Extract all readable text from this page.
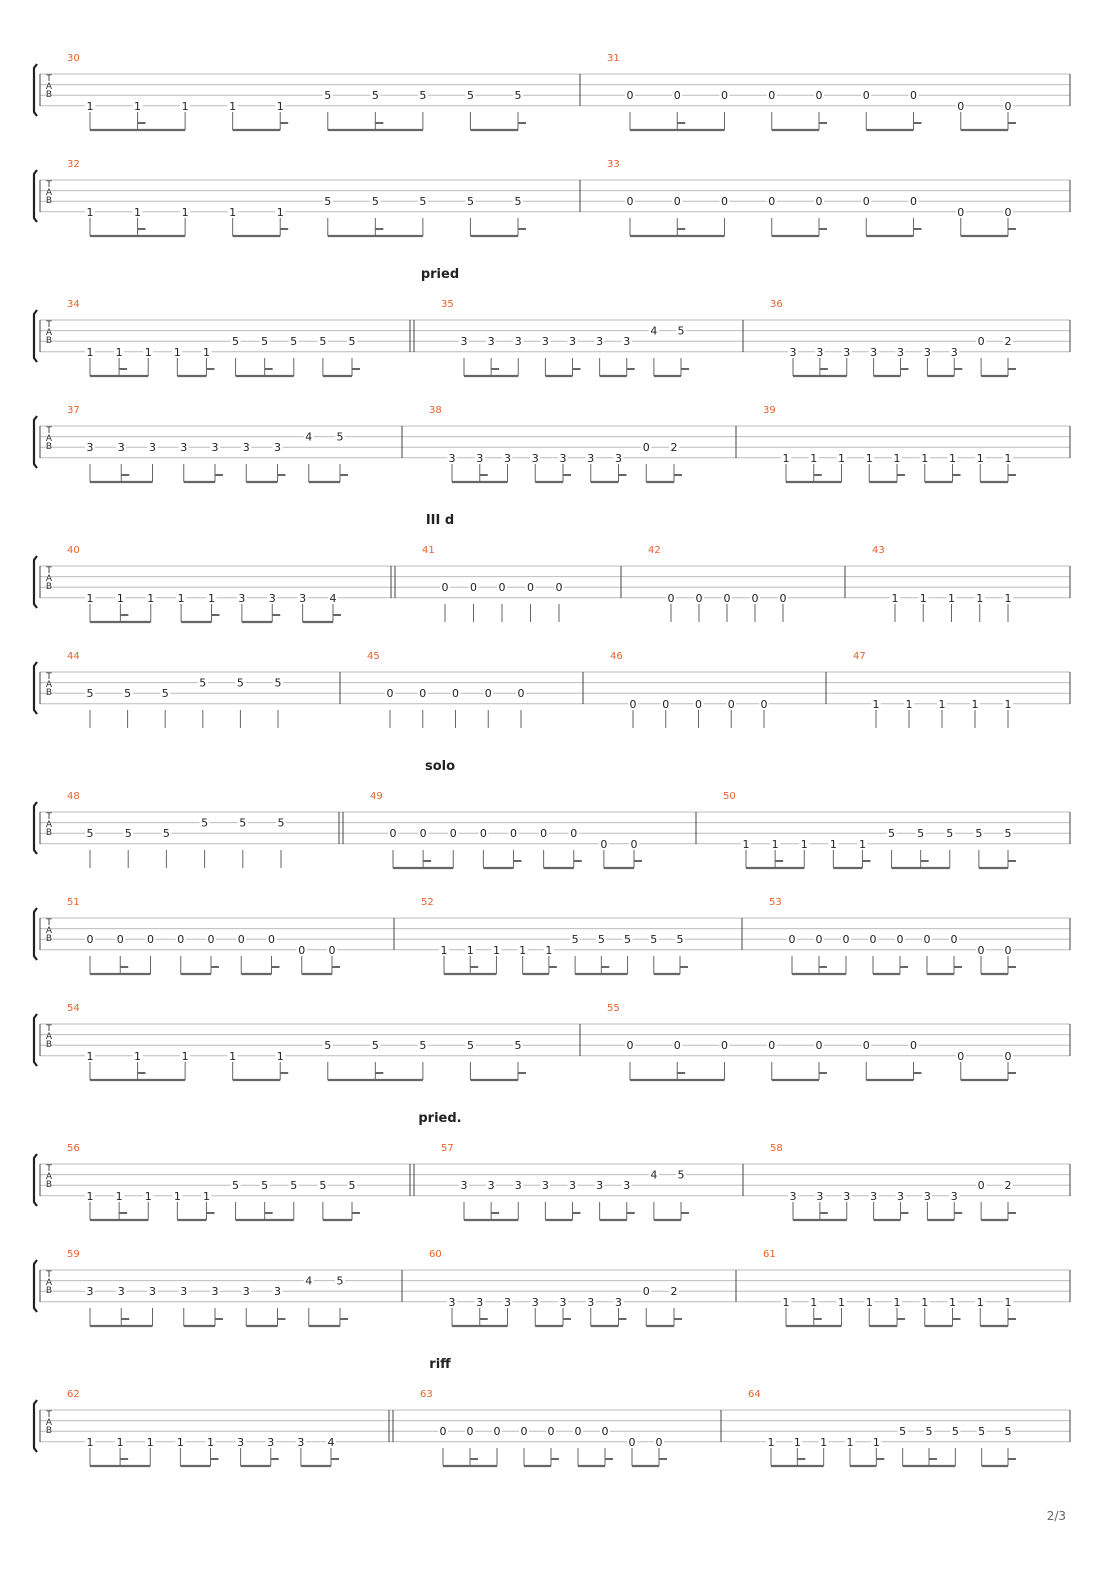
T
A
B
30
1	1	1	1	1
5	5	5	5	5
31
0	0	0	0	0	0	0
0	0
T
A
B
32
1	1	1	1	1
5	5	5	5	5
33
0	0	0	0	0	0	0
0	0
pried
T
A
B
34
1 1 1 1 1
5 5 5 5 5
35
3 3 3 3 3 3 3
4 5
36
3 3 3 3 3 3 3
0 2
T
A
B
37
3 3 3 3 3 3 3
4 5
38
3 3 3 3 3 3 3
0 2
39
1 1 1 1 1 1 1 1 1
III d
T
A
B
40
1 1 1 1 1 3 3 3 4
41
0 0 0 0 0
42
0 0 0 0 0
43
1 1 1 1 1
T
A
B
44
5	5	5
5	5	5
45
0 0 0 0 0
46
0 0 0 0 0
47
1 1 1 1 1
solo
T
A
B
48
5	5	5
5	5	5
49
0 0 0 0 0 0 0
0 0
50
1 1 1 1 1
5 5 5 5 5
T
A
B
51
0 0 0 0 0 0 0
0 0
52
1 1 1 1 1
5 5 5 5 5
53
0 0 0 0 0 0 0
0 0
T
A
B
54
1	1	1	1	1
5	5	5	5	5
55
0	0	0	0	0	0	0
0	0
pried.
T
A
B
56
1 1 1 1 1
5 5 5 5 5
57
3 3 3 3 3 3 3
4 5
58
3 3 3 3 3 3 3
0 2
T
A
B
59
3 3 3 3 3 3 3
4 5
60
3 3 3 3 3 3 3
0 2
61
1 1 1 1 1 1 1 1 1
riff
T
A
B
62
1 1 1 1 1 3 3 3 4
63
0 0 0 0 0 0 0
0 0
64
1 1 1 1 1
5 5 5 5 5
2/3
